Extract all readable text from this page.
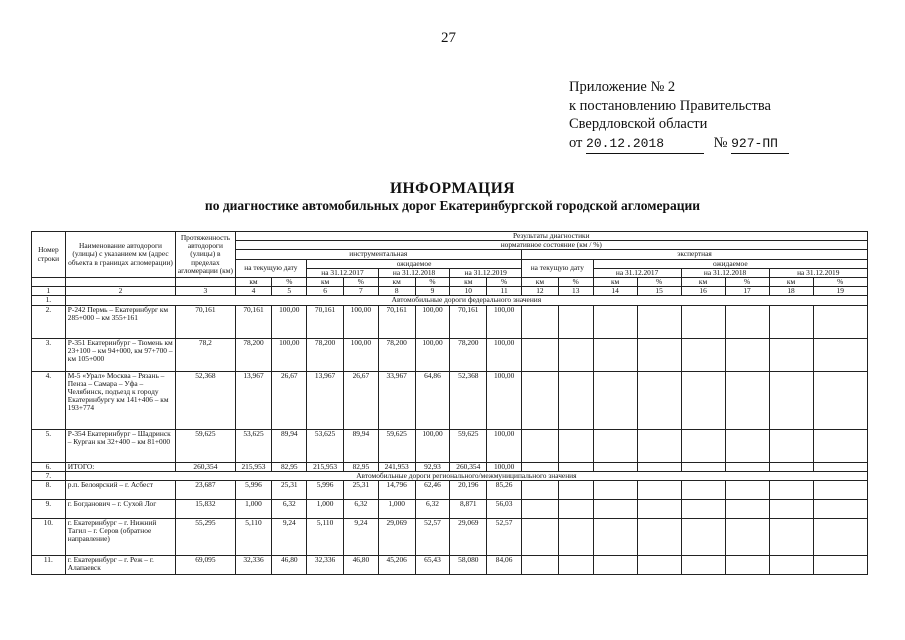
27
Приложение № 2
к постановлению Правительства
Свердловской области
от 20.12.2018	№ 927-ПП
ИНФОРМАЦИЯ
по диагностике автомобильных дорог Екатеринбургской городской агломерации
Номер строки	Наименование автодороги (улицы) с указанием км (адрес объекта в границах агломерации)	Протяженность автодороги (улицы) в пределах агломерации (км)	Результаты диагностики															
			нормативное состояние (км / %)															
			инструментальная								экспертная							
			на текущую дату		ожидаемое						на текущую дату		ожидаемое					
					на 31.12.2017		на 31.12.2018		на 31.12.2019				на 31.12.2017		на 31.12.2018		на 31.12.2019	
			км	%	км	%	км	%	км	%	км	%	км	%	км	%	км	%
1	2	3	4	5	6	7	8	9	10	11	12	13	14	15	16	17	18	19
1.	Автомобильные дороги федерального значения																	
2.	Р-242 Пермь – Екатеринбург км 285+000 – км 355+161	70,161	70,161	100,00	70,161	100,00	70,161	100,00	70,161	100,00								
3.	Р-351 Екатеринбург – Тюмень км 23+100 – км 94+000, км 97+700 – км 105+000	78,2	78,200	100,00	78,200	100,00	78,200	100,00	78,200	100,00								
4.	М-5 «Урал» Москва – Рязань – Пенза – Самара – Уфа – Челябинск, подъезд к городу Екатеринбургу км 141+406 – км 193+774	52,368	13,967	26,67	13,967	26,67	33,967	64,86	52,368	100,00								
5.	Р-354 Екатеринбург – Шадринск – Курган км 32+400 – км 81+000	59,625	53,625	89,94	53,625	89,94	59,625	100,00	59,625	100,00								
6.	ИТОГО:	260,354	215,953	82,95	215,953	82,95	241,953	92,93	260,354	100,00								
7.	Автомобильные дороги регионального/межмуниципального значения																	
8.	р.п. Белоярский – г. Асбест	23,687	5,996	25,31	5,996	25,31	14,796	62,46	20,196	85,26								
9.	г. Богданович – г. Сухой Лог	15,832	1,000	6,32	1,000	6,32	1,000	6,32	8,871	56,03								
10.	г. Екатеринбург – г. Нижний Тагил – г. Серов (обратное направление)	55,295	5,110	9,24	5,110	9,24	29,069	52,57	29,069	52,57								
11.	г. Екатеринбург – г. Реж – г. Алапаевск	69,095	32,336	46,80	32,336	46,80	45,206	65,43	58,080	84,06								
